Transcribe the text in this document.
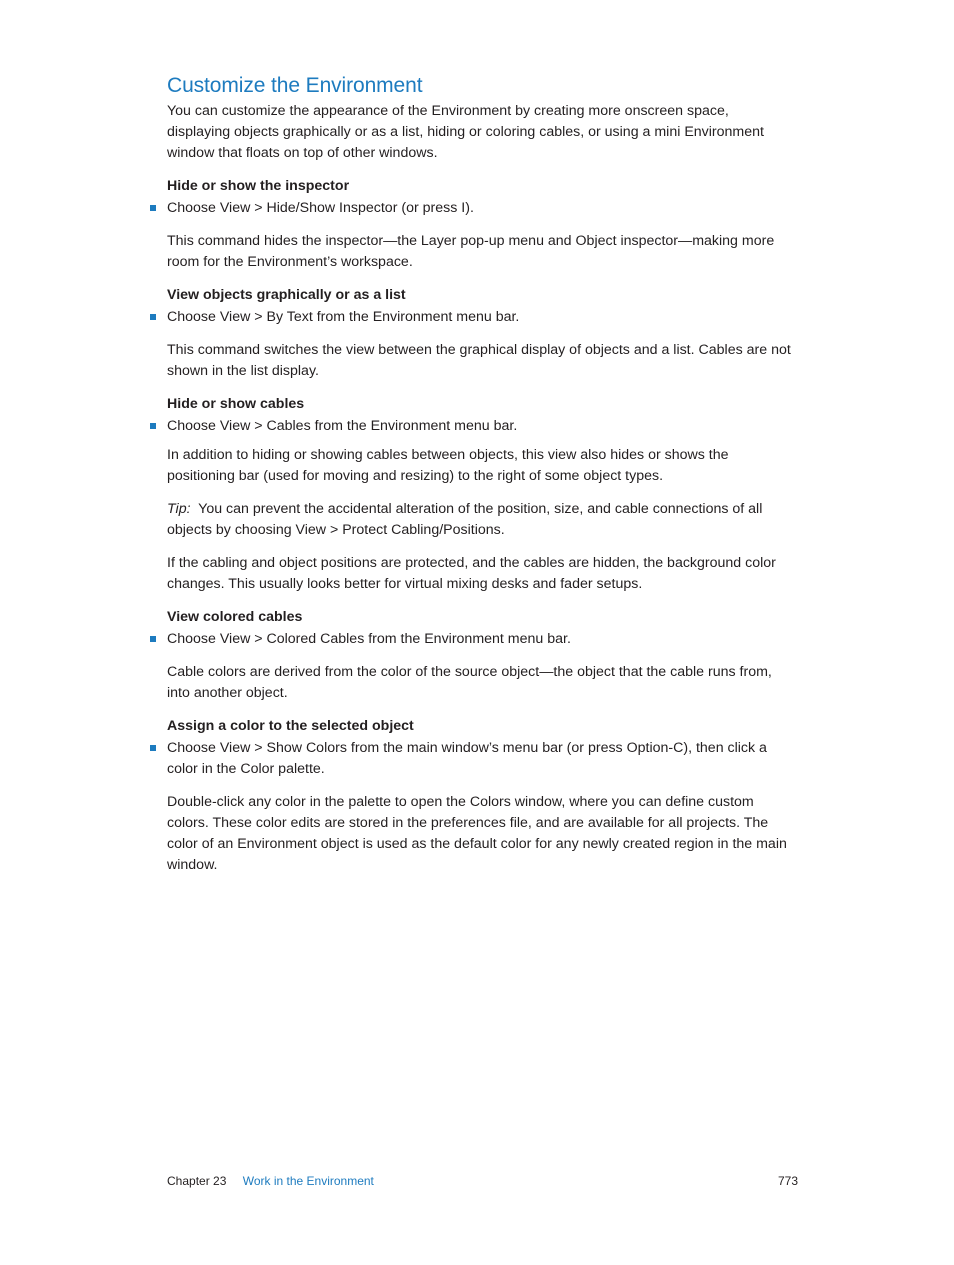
Customize the Environment

You can customize the appearance of the Environment by creating more onscreen space, displaying objects graphically or as a list, hiding or coloring cables, or using a mini Environment window that floats on top of other windows.

Hide or show the inspector

Choose View > Hide/Show Inspector (or press I).

This command hides the inspector—the Layer pop-up menu and Object inspector—making more room for the Environment’s workspace.

View objects graphically or as a list

Choose View > By Text from the Environment menu bar.

This command switches the view between the graphical display of objects and a list. Cables are not shown in the list display.

Hide or show cables

Choose View > Cables from the Environment menu bar.

In addition to hiding or showing cables between objects, this view also hides or shows the positioning bar (used for moving and resizing) to the right of some object types.

Tip: You can prevent the accidental alteration of the position, size, and cable connections of all objects by choosing View > Protect Cabling/Positions.

If the cabling and object positions are protected, and the cables are hidden, the background color changes. This usually looks better for virtual mixing desks and fader setups.

View colored cables

Choose View > Colored Cables from the Environment menu bar.

Cable colors are derived from the color of the source object—the object that the cable runs from, into another object.

Assign a color to the selected object

Choose View > Show Colors from the main window’s menu bar (or press Option-C), then click a color in the Color palette.

Double-click any color in the palette to open the Colors window, where you can define custom colors. These color edits are stored in the preferences file, and are available for all projects. The color of an Environment object is used as the default color for any newly created region in the main window.

Chapter 23 Work in the Environment	773
